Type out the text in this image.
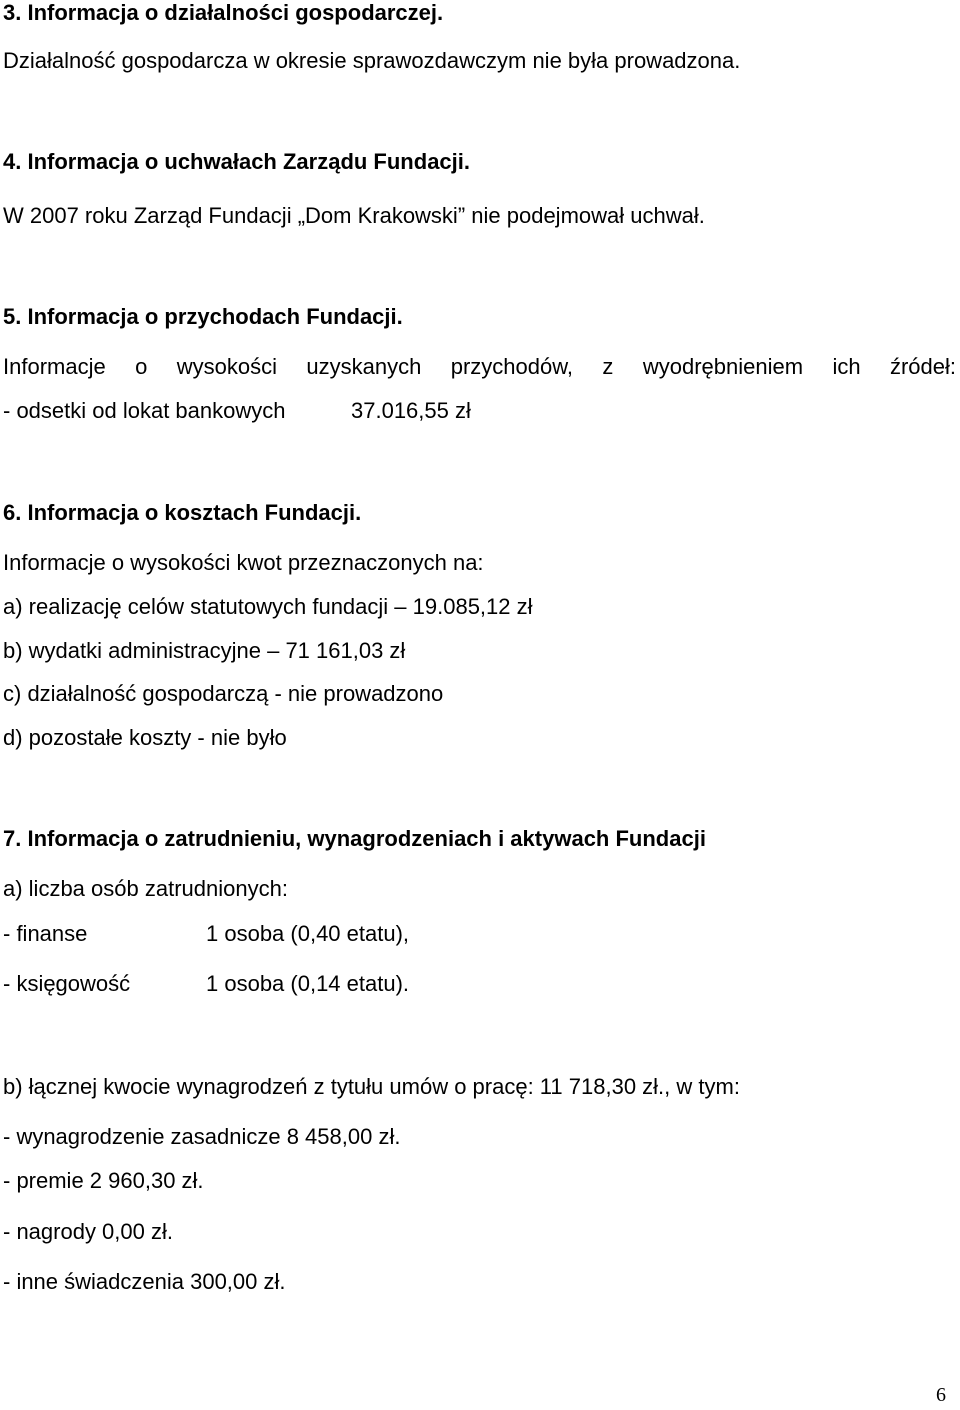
3. Informacja o działalności gospodarczej.
Działalność gospodarcza w okresie sprawozdawczym nie była prowadzona.
4. Informacja o uchwałach Zarządu Fundacji.
W 2007 roku Zarząd Fundacji „Dom Krakowski” nie podejmował uchwał.
5. Informacja o przychodach Fundacji.
Informacje o wysokości uzyskanych przychodów, z wyodrębnieniem ich źródeł:
- odsetki od lokat bankowych	37.016,55 zł
6. Informacja o kosztach Fundacji.
Informacje o wysokości kwot przeznaczonych na:
a) realizację celów statutowych fundacji – 19.085,12 zł
b) wydatki administracyjne – 71 161,03 zł
c) działalność gospodarczą - nie prowadzono
d) pozostałe koszty - nie było
7. Informacja o zatrudnieniu, wynagrodzeniach i aktywach Fundacji
a) liczba osób zatrudnionych:
- finanse	1 osoba (0,40 etatu),
- księgowość	1 osoba (0,14 etatu).
b) łącznej kwocie wynagrodzeń z tytułu umów o pracę: 11 718,30 zł., w tym:
- wynagrodzenie zasadnicze 8 458,00 zł.
- premie 2 960,30 zł.
- nagrody 0,00 zł.
- inne świadczenia 300,00 zł.
6
